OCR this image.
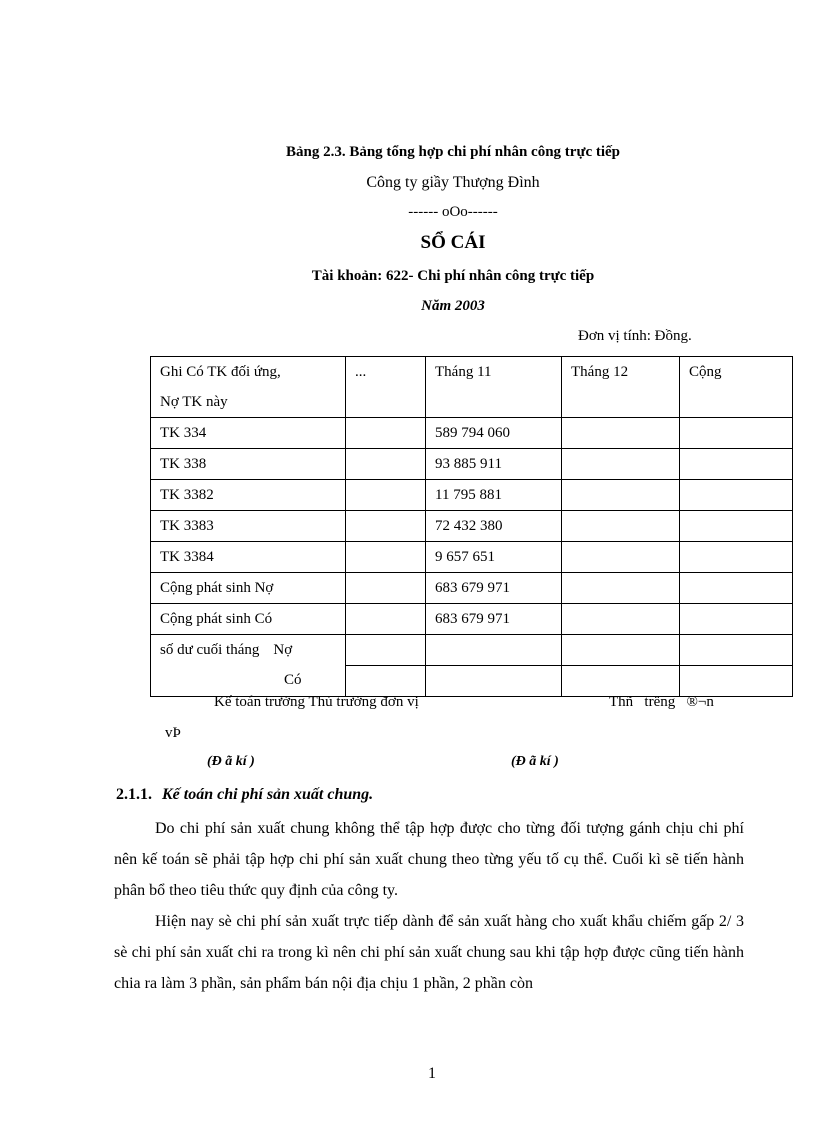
Bảng 2.3. Bảng tổng hợp chi phí nhân công trực tiếp
Công ty giầy Thượng Đình
------ oOo------
SỔ CÁI
Tài khoản: 622- Chi phí nhân công trực tiếp
Năm 2003
Đơn vị tính: Đồng.
Ghi Có TK đối ứng,
Nợ TK này	...	Tháng 11	Tháng 12	Cộng
TK 334		589 794 060		
TK 338		93 885 911		
TK 3382		11 795 881		
TK 3383		72 432 380		
TK 3384		9 657 651		
Cộng phát sinh Nợ		683 679 971		
Cộng phát sinh Có		683 679 971		

số dư cuối tháng Nợ
Có				

Kế toán trưởng Thủ trưởng đơn vị	Thñ   trëng   ®¬n
vÞ
(Đ ã kí )	(Đ ã kí )
2.1.1. Kế toán chi phí sản xuất chung.
Do chi phí sản xuất chung không thể tập hợp được cho từng đối tượng gánh chịu chi phí nên kế toán sẽ phải tập hợp chi phí sản xuất chung theo từng yếu tố cụ thể. Cuối kì sẽ tiến hành phân bổ theo tiêu thức quy định của công ty.
Hiện nay sè chi phí sản xuất trực tiếp dành để sản xuất hàng cho xuất khẩu chiếm gấp 2/ 3 sè chi phí sản xuất chi ra trong kì nên chi phí sản xuất chung sau khi tập hợp được cũng tiến hành chia ra làm 3 phần, sản phẩm bán nội địa chịu 1 phần, 2 phần còn
1
